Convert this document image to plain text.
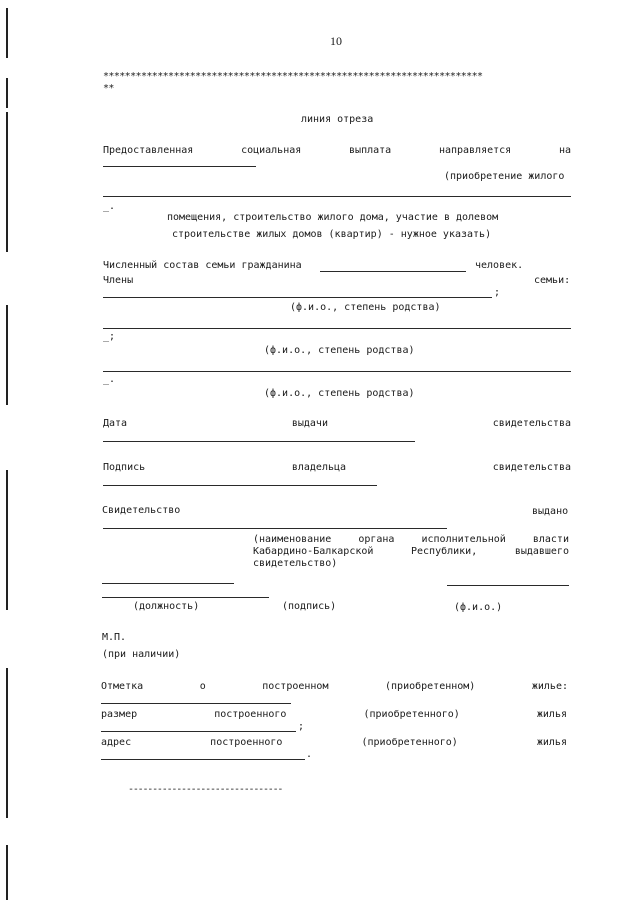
10
**********************************************************************
**
линия отреза
Предоставленная	социальная	выплата	направляется	на
(приобретение жилого
_.
помещения, строительство жилого дома, участие в долевом
строительстве жилых домов (квартир) - нужное указать)
Численный состав семьи гражданина	человек.
Члены	семьи:
;
(ф.и.о., степень родства)
_;
(ф.и.о., степень родства)
_.
(ф.и.о., степень родства)
Дата	выдачи	свидетельства
Подпись	владельца	свидетельства
Свидетельство	выдано
(наименование	органа	исполнительной	власти
Кабардино-Балкарской	Республики,	выдавшего
свидетельство)
(должность)	(подпись)	(ф.и.о.)
М.П.
(при наличии)
Отметка	о	построенном	(приобретенном)	жилье:
размер	построенного	(приобретенного)	жилья
;
адрес	построенного	(приобретенного)	жилья
.
--------------------------------
